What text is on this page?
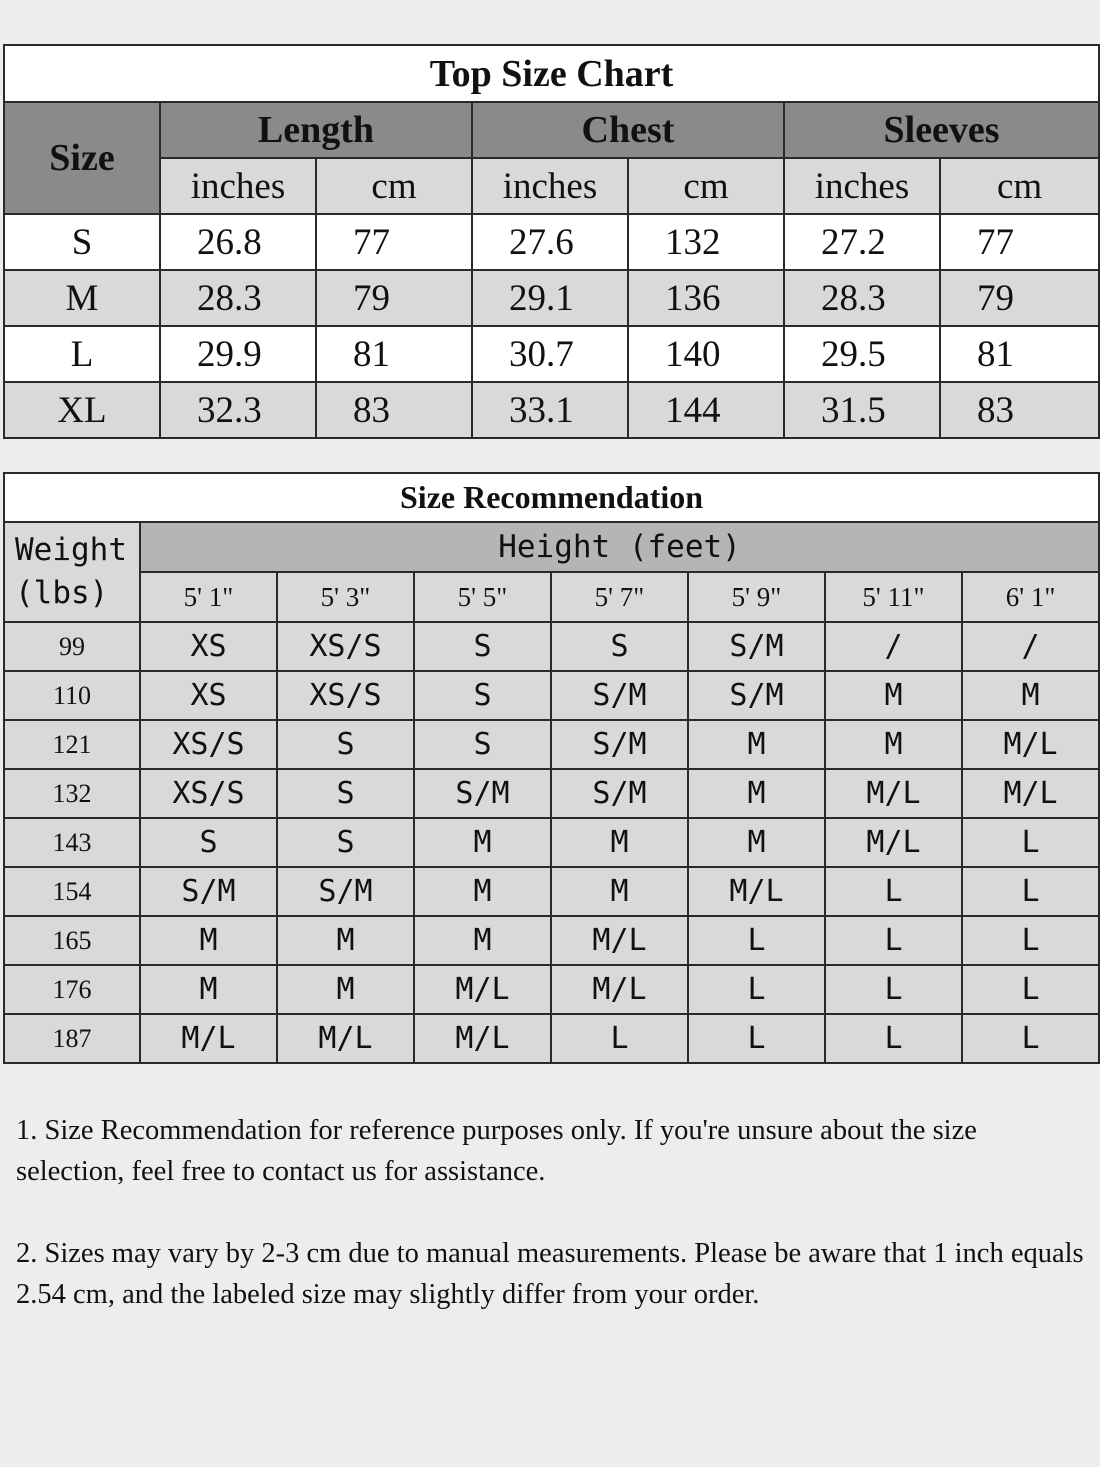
Top Size Chart						
Size	Length		Chest		Sleeves	
	inches	cm	inches	cm	inches	cm
S	26.8	77	27.6	132	27.2	77
M	28.3	79	29.1	136	28.3	79
L	29.9	81	30.7	140	29.5	81
XL	32.3	83	33.1	144	31.5	83
Size Recommendation							
Weight
(lbs)	Height (feet)						
	5' 1"	5' 3"	5' 5"	5' 7"	5' 9"	5' 11"	6' 1"
99	XS	XS/S	S	S	S/M	/	/
110	XS	XS/S	S	S/M	S/M	M	M
121	XS/S	S	S	S/M	M	M	M/L
132	XS/S	S	S/M	S/M	M	M/L	M/L
143	S	S	M	M	M	M/L	L
154	S/M	S/M	M	M	M/L	L	L
165	M	M	M	M/L	L	L	L
176	M	M	M/L	M/L	L	L	L
187	M/L	M/L	M/L	L	L	L	L

1. Size Recommendation for reference purposes only. If you're unsure about the size selection, feel free to contact us for assistance.

2. Sizes may vary by 2-3 cm due to manual measurements. Please be aware that 1 inch equals 2.54 cm, and the labeled size may slightly differ from your order.
